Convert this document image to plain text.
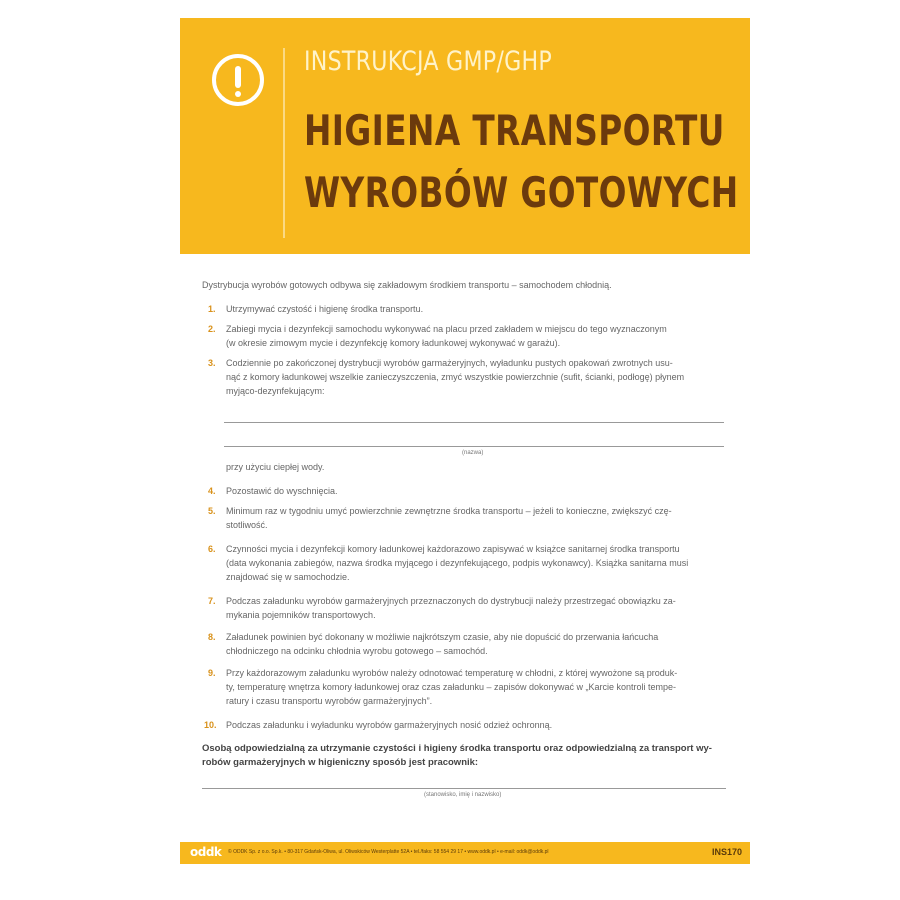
INSTRUKCJA GMP/GHP
HIGIENA TRANSPORTU
WYROBÓW GOTOWYCH
Dystrybucja wyrobów gotowych odbywa się zakładowym środkiem transportu – samochodem chłodnią.
1.	Utrzymywać czystość i higienę środka transportu.
2.	Zabiegi mycia i dezynfekcji samochodu wykonywać na placu przed zakładem w miejscu do tego wyznaczonym
(w okresie zimowym mycie i dezynfekcję komory ładunkowej wykonywać w garażu).
3.	Codziennie po zakończonej dystrybucji wyrobów garmażeryjnych, wyładunku pustych opakowań zwrotnych usu-
nąć z komory ładunkowej wszelkie zanieczyszczenia, zmyć wszystkie powierzchnie (sufit, ścianki, podłogę) płynem
myjąco-dezynfekującym:
(nazwa)
przy użyciu ciepłej wody.
4.	Pozostawić do wyschnięcia.
5.	Minimum raz w tygodniu umyć powierzchnie zewnętrzne środka transportu – jeżeli to konieczne, zwiększyć czę-
stotliwość.
6.	Czynności mycia i dezynfekcji komory ładunkowej każdorazowo zapisywać w książce sanitarnej środka transportu
(data wykonania zabiegów, nazwa środka myjącego i dezynfekującego, podpis wykonawcy). Książka sanitarna musi
znajdować się w samochodzie.
7.	Podczas załadunku wyrobów garmażeryjnych przeznaczonych do dystrybucji należy przestrzegać obowiązku za-
mykania pojemników transportowych.
8.	Załadunek powinien być dokonany w możliwie najkrótszym czasie, aby nie dopuścić do przerwania łańcucha
chłodniczego na odcinku chłodnia wyrobu gotowego – samochód.
9.	Przy każdorazowym załadunku wyrobów należy odnotować temperaturę w chłodni, z której wywożone są produk-
ty, temperaturę wnętrza komory ładunkowej oraz czas załadunku – zapisów dokonywać w „Karcie kontroli tempe-
ratury i czasu transportu wyrobów garmażeryjnych”.
10.	Podczas załadunku i wyładunku wyrobów garmażeryjnych nosić odzież ochronną.
Osobą odpowiedzialną za utrzymanie czystości i higieny środka transportu oraz odpowiedzialną za transport wy-
robów garmażeryjnych w higieniczny sposób jest pracownik:
(stanowisko, imię i nazwisko)
oddk © ODDK Sp. z o.o. Sp.k. • 80-317 Gdańsk-Oliwa, ul. Oliwskiców Westerplatte 52A • tel./faks: 58 554 29 17 • www.oddk.pl • e-mail: oddk@oddk.pl	INS170
